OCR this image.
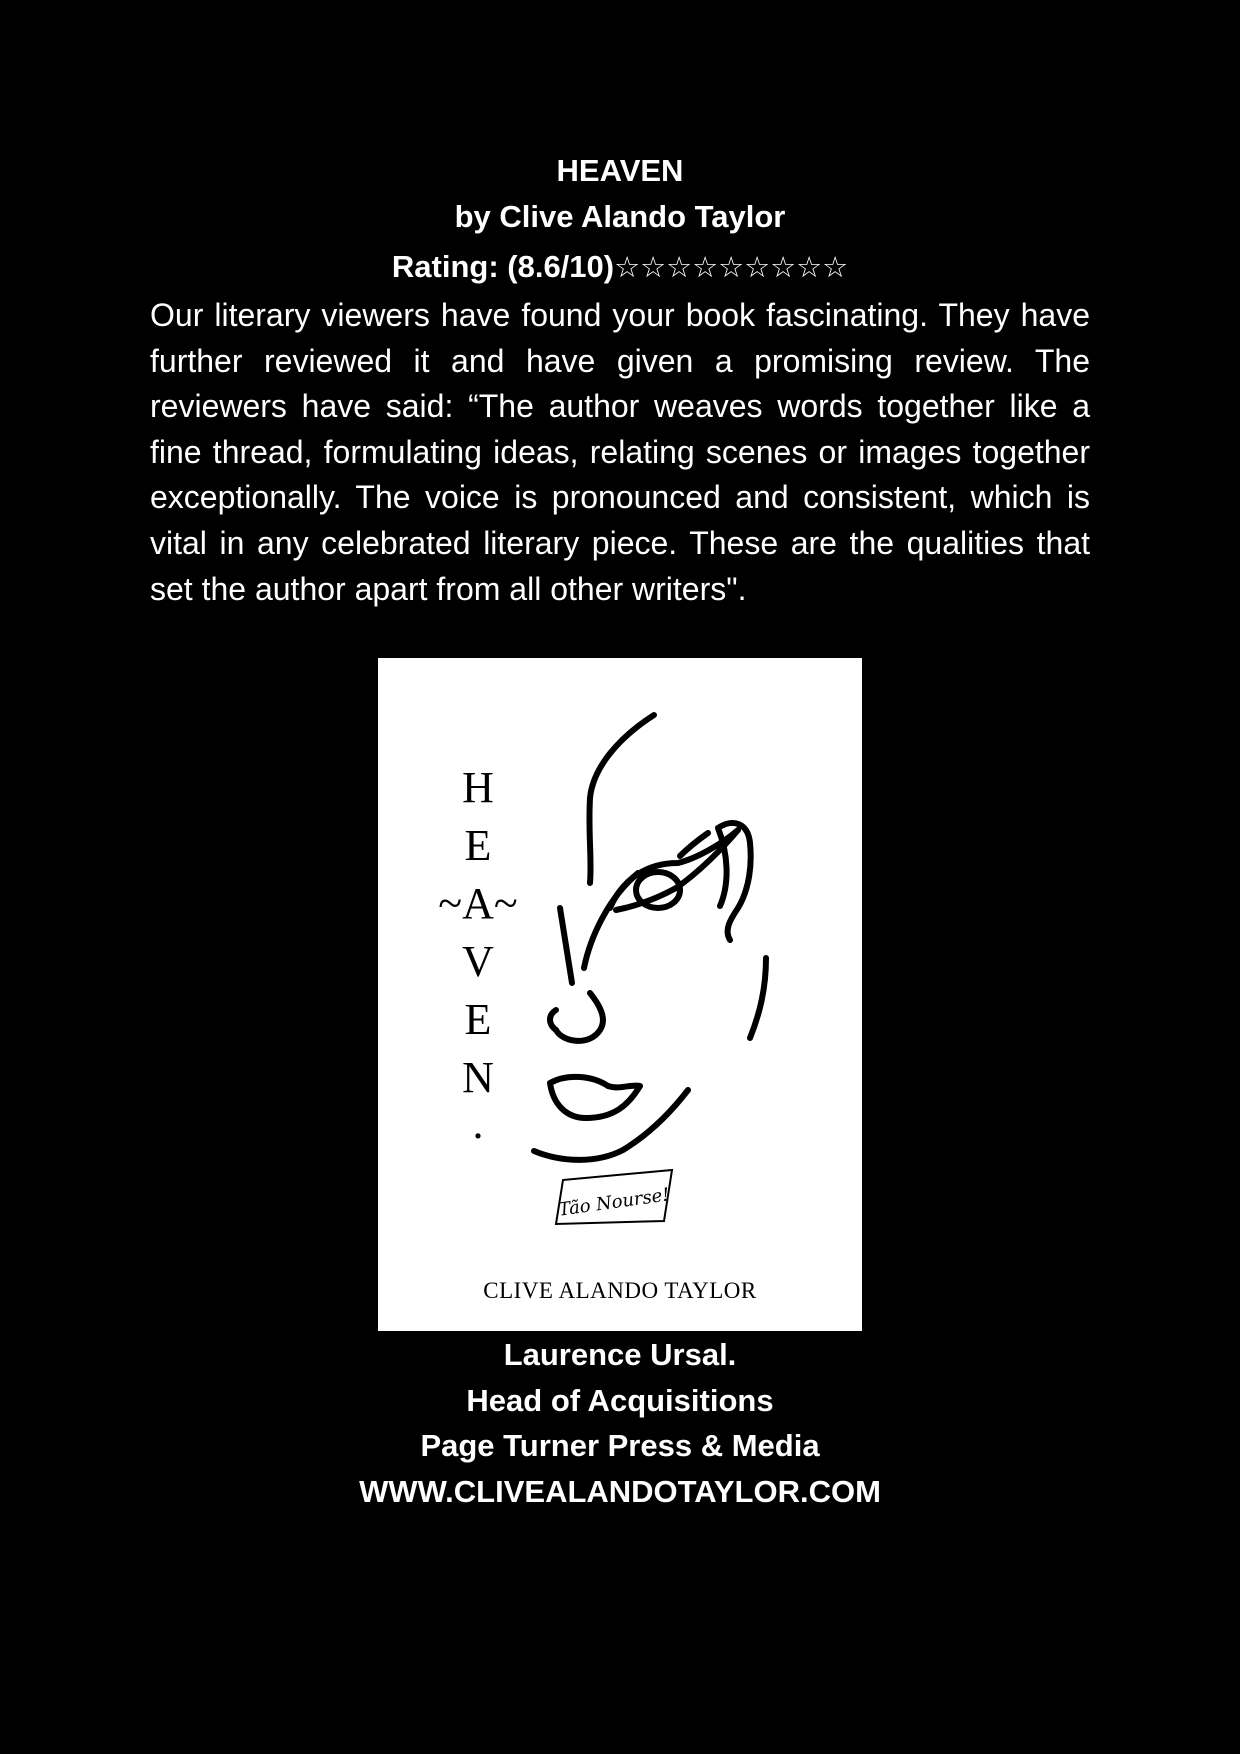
HEAVEN
by Clive Alando Taylor
Rating: (8.6/10)☆☆☆☆☆☆☆☆☆

Our literary viewers have found your book fascinating. They have further reviewed it and have given a promising review. The reviewers have said: “The author weaves words together like a fine thread, formulating ideas, relating scenes or images together exceptionally. The voice is pronounced and consistent, which is vital in any celebrated literary piece. These are the qualities that set the author apart from all other writers".

H
E
~A~
V
E
N
.
Tão Nourse!
CLIVE ALANDO TAYLOR
Laurence Ursal.
Head of Acquisitions
Page Turner Press & Media
WWW.CLIVEALANDOTAYLOR.COM
